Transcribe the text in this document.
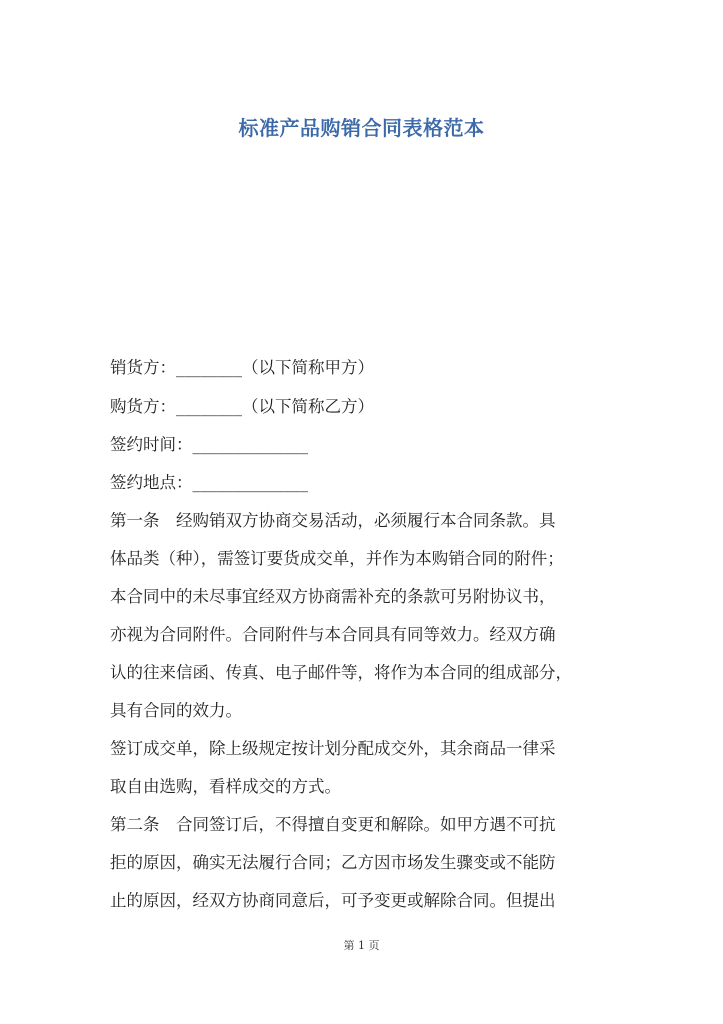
标准产品购销合同表格范本
销货方：________（以下简称甲方）
购货方：________（以下简称乙方）
签约时间：______________
签约地点：______________
第一条　经购销双方协商交易活动，必须履行本合同条款。具
体品类（种），需签订要货成交单，并作为本购销合同的附件；
本合同中的未尽事宜经双方协商需补充的条款可另附协议书，
亦视为合同附件。合同附件与本合同具有同等效力。经双方确
认的往来信函、传真、电子邮件等，将作为本合同的组成部分，
具有合同的效力。
签订成交单，除上级规定按计划分配成交外，其余商品一律采
取自由选购，看样成交的方式。
第二条　合同签订后，不得擅自变更和解除。如甲方遇不可抗
拒的原因，确实无法履行合同；乙方因市场发生骤变或不能防
止的原因，经双方协商同意后，可予变更或解除合同。但提出
第 1 页
